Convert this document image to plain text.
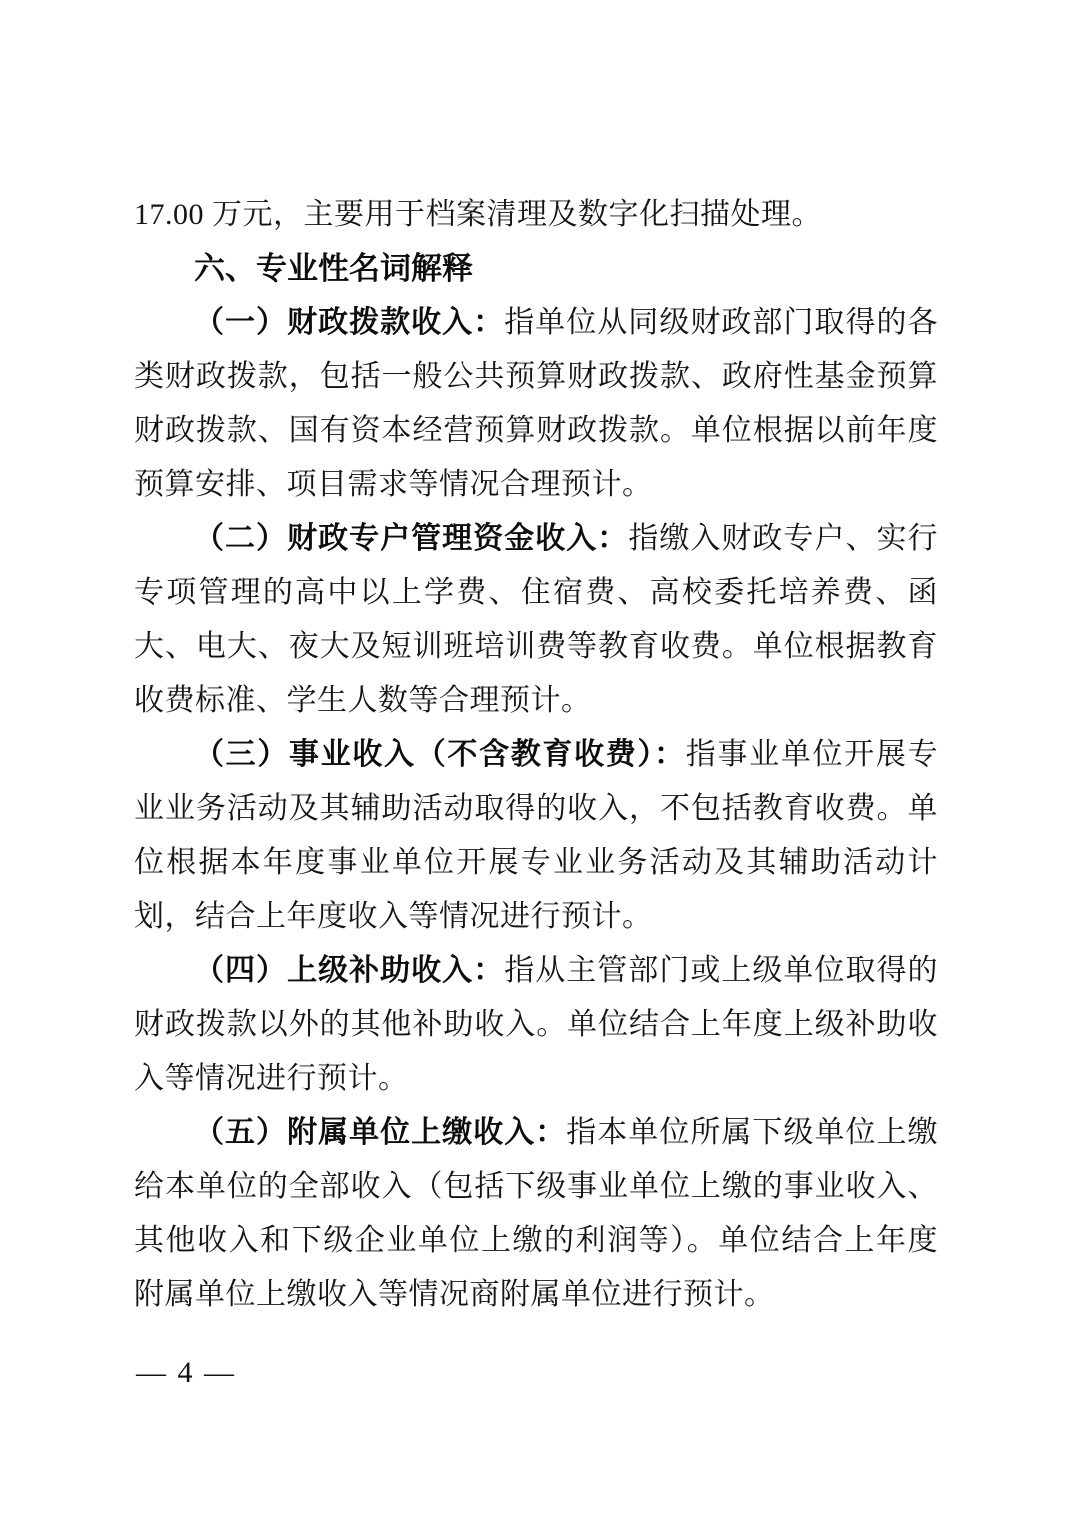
17.00 万元，主要用于档案清理及数字化扫描处理。

六、专业性名词解释

（一）财政拨款收入：指单位从同级财政部门取得的各类财政拨款，包括一般公共预算财政拨款、政府性基金预算财政拨款、国有资本经营预算财政拨款。单位根据以前年度预算安排、项目需求等情况合理预计。

（二）财政专户管理资金收入：指缴入财政专户、实行专项管理的高中以上学费、住宿费、高校委托培养费、函大、电大、夜大及短训班培训费等教育收费。单位根据教育收费标准、学生人数等合理预计。

（三）事业收入（不含教育收费）：指事业单位开展专业业务活动及其辅助活动取得的收入，不包括教育收费。单位根据本年度事业单位开展专业业务活动及其辅助活动计划，结合上年度收入等情况进行预计。

（四）上级补助收入：指从主管部门或上级单位取得的财政拨款以外的其他补助收入。单位结合上年度上级补助收入等情况进行预计。

（五）附属单位上缴收入：指本单位所属下级单位上缴给本单位的全部收入（包括下级事业单位上缴的事业收入、其他收入和下级企业单位上缴的利润等）。单位结合上年度附属单位上缴收入等情况商附属单位进行预计。

— 4 —
